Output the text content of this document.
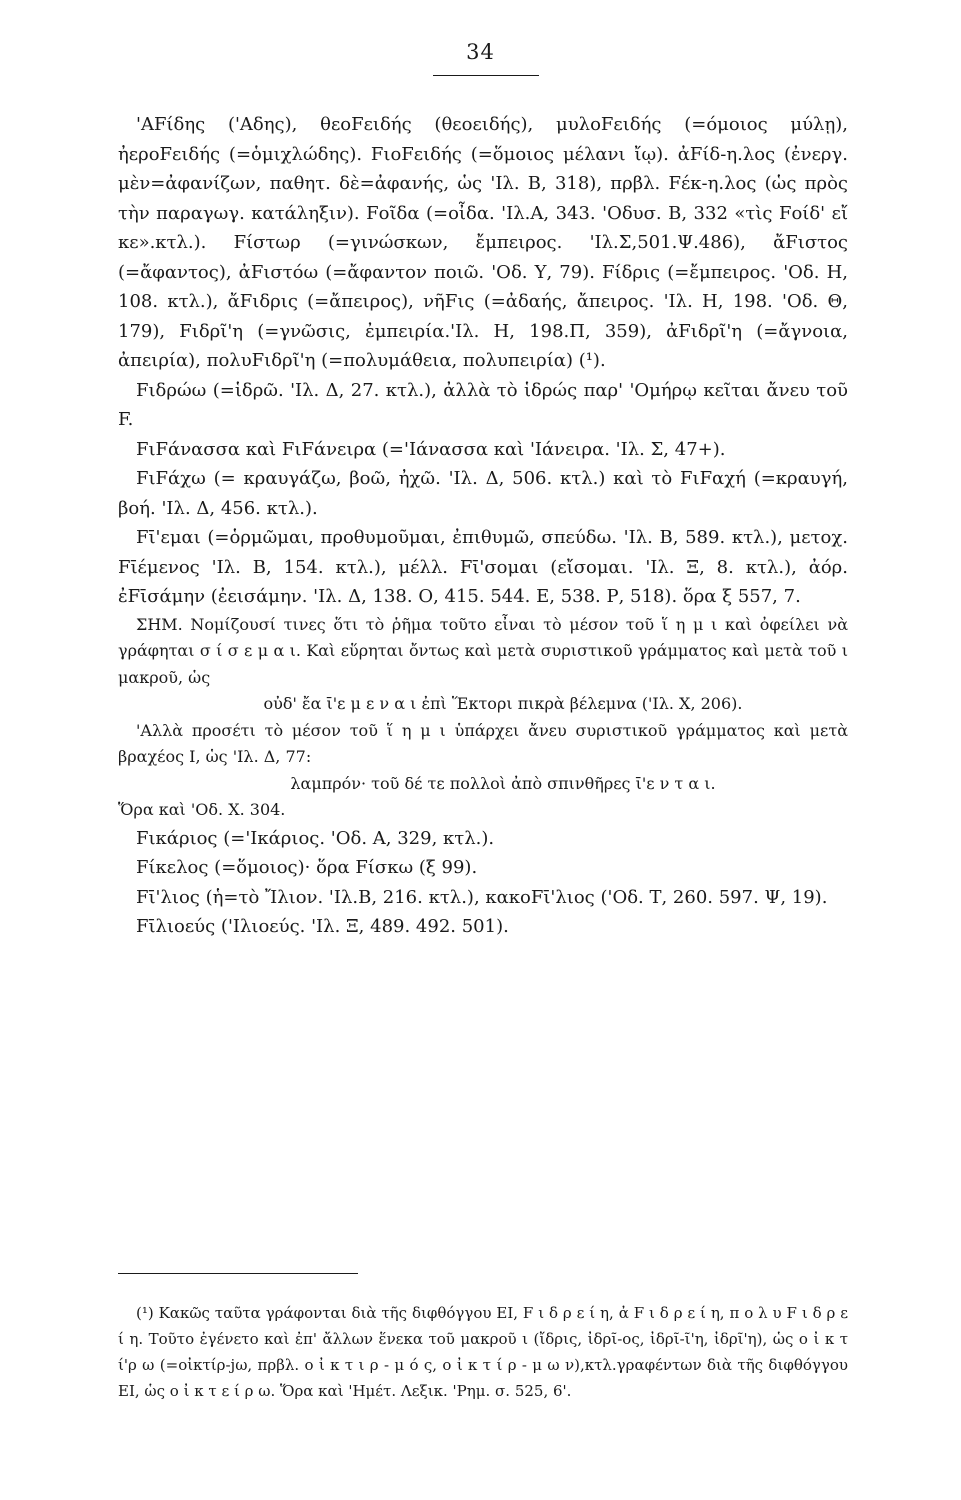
34

'AFίδης ('Αδης), θεοFειδής (θεοειδής), μυλοFειδής (=όμοιος μύλῃ), ἠεροFειδής (=ὁμιχλώδης). FιοFειδής (=ὅμοιος μέλανι ἴῳ). ἀFίδ-η.λος (ἐνεργ. μὲν=ἀφανίζων, παθητ. δὲ=ἀφανής, ὡς 'Ιλ. Β, 318), πρβλ. Fέκ-η.λος (ὡς πρὸς τὴν παραγωγ. κατάληξιν). Fοῖδα (=οἶδα. 'Ιλ.Α, 343. 'Οδυσ. Β, 332 «τὶς Fοίδ' εἴ κε».κτλ.). Fίστωρ (=γινώσκων, ἔμπειρος. 'Ιλ.Σ,501.Ψ.486), ἄFιστος (=ἄφαντος), ἀFιστόω (=ἄφαντον ποιῶ. 'Οδ. Υ, 79). Fίδρις (=ἔμπειρος. 'Οδ. Η, 108. κτλ.), ἄFιδρις (=ἄπειρος), νῆFις (=ἀδαής, ἄπειρος. 'Ιλ. Η, 198. 'Οδ. Θ, 179), Fιδρῖ'η (=γνῶσις, ἐμπειρία.'Ιλ. Η, 198.Π, 359), ἀFιδρῖ'η (=ἄγνοια, ἀπειρία), πολυFιδρῖ'η (=πολυμάθεια, πολυπειρία) (¹).

Fιδρώω (=ἱδρῶ. 'Ιλ. Δ, 27. κτλ.), ἀλλὰ τὸ ἱδρώς παρ' 'Ομήρῳ κεῖται ἄνευ τοῦ F.

FιFάνασσα καὶ FιFάνειρα (='Ιάνασσα καὶ 'Ιάνειρα. 'Ιλ. Σ, 47+).

FιFάχω (= κραυγάζω, βοῶ, ἠχῶ. 'Ιλ. Δ, 506. κτλ.) καὶ τὸ FιFαχή (=κραυγή, βοή. 'Ιλ. Δ, 456. κτλ.).

Fῑ'εμαι (=ὁρμῶμαι, προθυμοῦμαι, ἐπιθυμῶ, σπεύδω. 'Ιλ. Β, 589. κτλ.), μετοχ. Fῑέμενος 'Ιλ. Β, 154. κτλ.), μέλλ. Fῑ'σομαι (εἴσομαι. 'Ιλ. Ξ, 8. κτλ.), ἀόρ. ἐFῑσάμην (ἐεισάμην. 'Ιλ. Δ, 138. Ο, 415. 544. Ε, 538. Ρ, 518). ὅρα ξ 557, 7.

ΣΗΜ. Νομίζουσί τινες ὅτι τὸ ῥῆμα τοῦτο εἶναι τὸ μέσον τοῦ ἵ η μ ι καὶ ὀφείλει νὰ γράφηται σ ί σ ε μ α ι. Καὶ εὕρηται ὄντως καὶ μετὰ συριστικοῦ γράμματος καὶ μετὰ τοῦ ι μακροῦ, ὡς

οὐδ' ἔα ῑ'ε μ ε ν α ι ἐπὶ Ἕκτορι πικρὰ βέλεμνα ('Ιλ. Χ, 206).

'Αλλὰ προσέτι τὸ μέσον τοῦ ἵ η μ ι ὑπάρχει ἄνευ συριστικοῦ γράμματος καὶ μετὰ βραχέος Ι, ὡς 'Ιλ. Δ, 77:

λαμπρόν· τοῦ δέ τε πολλοὶ ἀπὸ σπινθῆρες ῑ'ε ν τ α ι.

Ὅρα καὶ 'Οδ. Χ. 304.

Fικάριος (='Ικάριος. 'Οδ. Α, 329, κτλ.).

Fίκελος (=ὅμοιος)· ὅρα Fίσκω (ξ 99).

Fῑ'λιος (ἡ=τὸ Ἴλιον. 'Ιλ.Β, 216. κτλ.), κακοFῑ'λιος ('Οδ. Τ, 260. 597. Ψ, 19).

Fῑλιοεύς ('Ιλιοεύς. 'Ιλ. Ξ, 489. 492. 501).

(¹) Κακῶς ταῦτα γράφονται διὰ τῆς διφθόγγου ΕΙ, F ι δ ρ ε ί η, ἀ F ι δ ρ ε ί η, π ο λ υ F ι δ ρ ε ί η. Τοῦτο ἐγένετο καὶ ἐπ' ἄλλων ἕνεκα τοῦ μακροῦ ι (ἴδρις, ἰδρῖ-ος, ἰδρῖ-ῖ'η, ἰδρῖ'η), ὡς ο ἰ κ τ ί'ρ ω (=οἰκτίρ-jω, πρβλ. ο ἰ κ τ ι ρ - μ ό ς, ο ἰ κ τ ί ρ - μ ω ν),κτλ.γραφέντων διὰ τῆς διφθόγγου ΕΙ, ὡς ο ἰ κ τ ε ί ρ ω. Ὅρα καὶ 'Ημέτ. Λεξικ. 'Ρημ. σ. 525, 6'.
